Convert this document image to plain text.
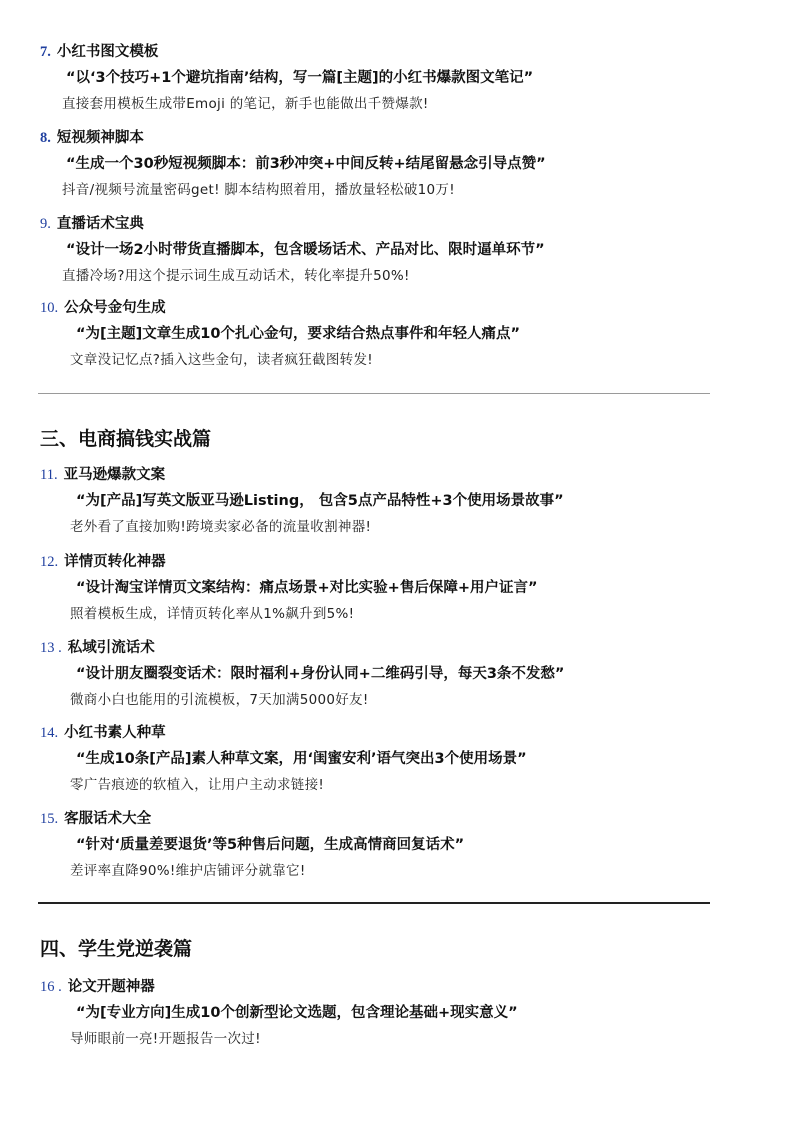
7. 小红书图文模板
“以‘3个技巧+1个避坑指南’结构，写一篇[主题]的小红书爆款图文笔记”
直接套用模板生成带Emoji 的笔记，新手也能做出千赞爆款!
8. 短视频神脚本
“生成一个30秒短视频脚本：前3秒冲突+中间反转+结尾留悬念引导点赞”
抖音/视频号流量密码get! 脚本结构照着用，播放量轻松破10万!
9. 直播话术宝典
“设计一场2小时带货直播脚本，包含暖场话术、产品对比、限时逼单环节”
直播冷场?用这个提示词生成互动话术，转化率提升50%!
10. 公众号金句生成
“为[主题]文章生成10个扎心金句，要求结合热点事件和年轻人痛点”
文章没记忆点?插入这些金句，读者疯狂截图转发!
三、电商搞钱实战篇
11. 亚马逊爆款文案
“为[产品]写英文版亚马逊Listing， 包含5点产品特性+3个使用场景故事”
老外看了直接加购!跨境卖家必备的流量收割神器!
12. 详情页转化神器
“设计淘宝详情页文案结构：痛点场景+对比实验+售后保障+用户证言”
照着模板生成，详情页转化率从1%飙升到5%!
13 . 私域引流话术
“设计朋友圈裂变话术：限时福利+身份认同+二维码引导，每天3条不发愁”
微商小白也能用的引流模板，7天加满5000好友!
14. 小红书素人种草
“生成10条[产品]素人种草文案，用‘闺蜜安利’语气突出3个使用场景”
零广告痕迹的软植入，让用户主动求链接!
15. 客服话术大全
“针对‘质量差要退货’等5种售后问题，生成高情商回复话术”
差评率直降90%!维护店铺评分就靠它!
四、学生党逆袭篇
16 . 论文开题神器
“为[专业方向]生成10个创新型论文选题，包含理论基础+现实意义”
导师眼前一亮!开题报告一次过!
